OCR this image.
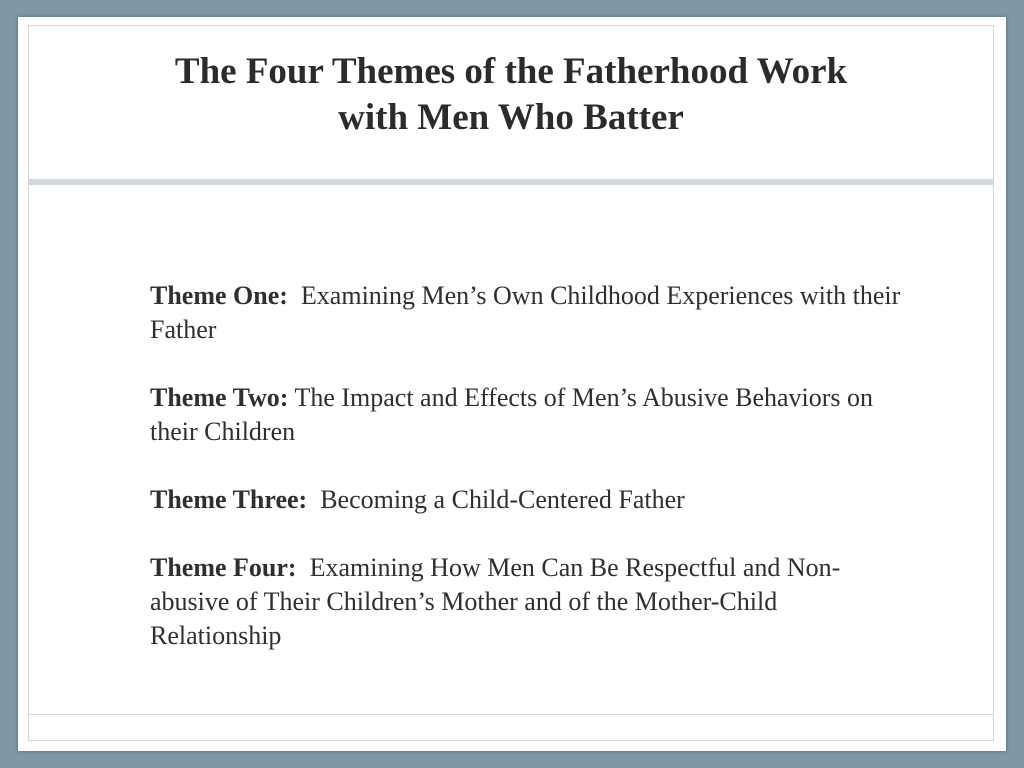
The Four Themes of the Fatherhood Work
with Men Who Batter

Theme One: Examining Men’s Own Childhood Experiences with their Father

Theme Two: The Impact and Effects of Men’s Abusive Behaviors on their Children

Theme Three: Becoming a Child-Centered Father

Theme Four: Examining How Men Can Be Respectful and Non-abusive of Their Children’s Mother and of the Mother-Child Relationship
